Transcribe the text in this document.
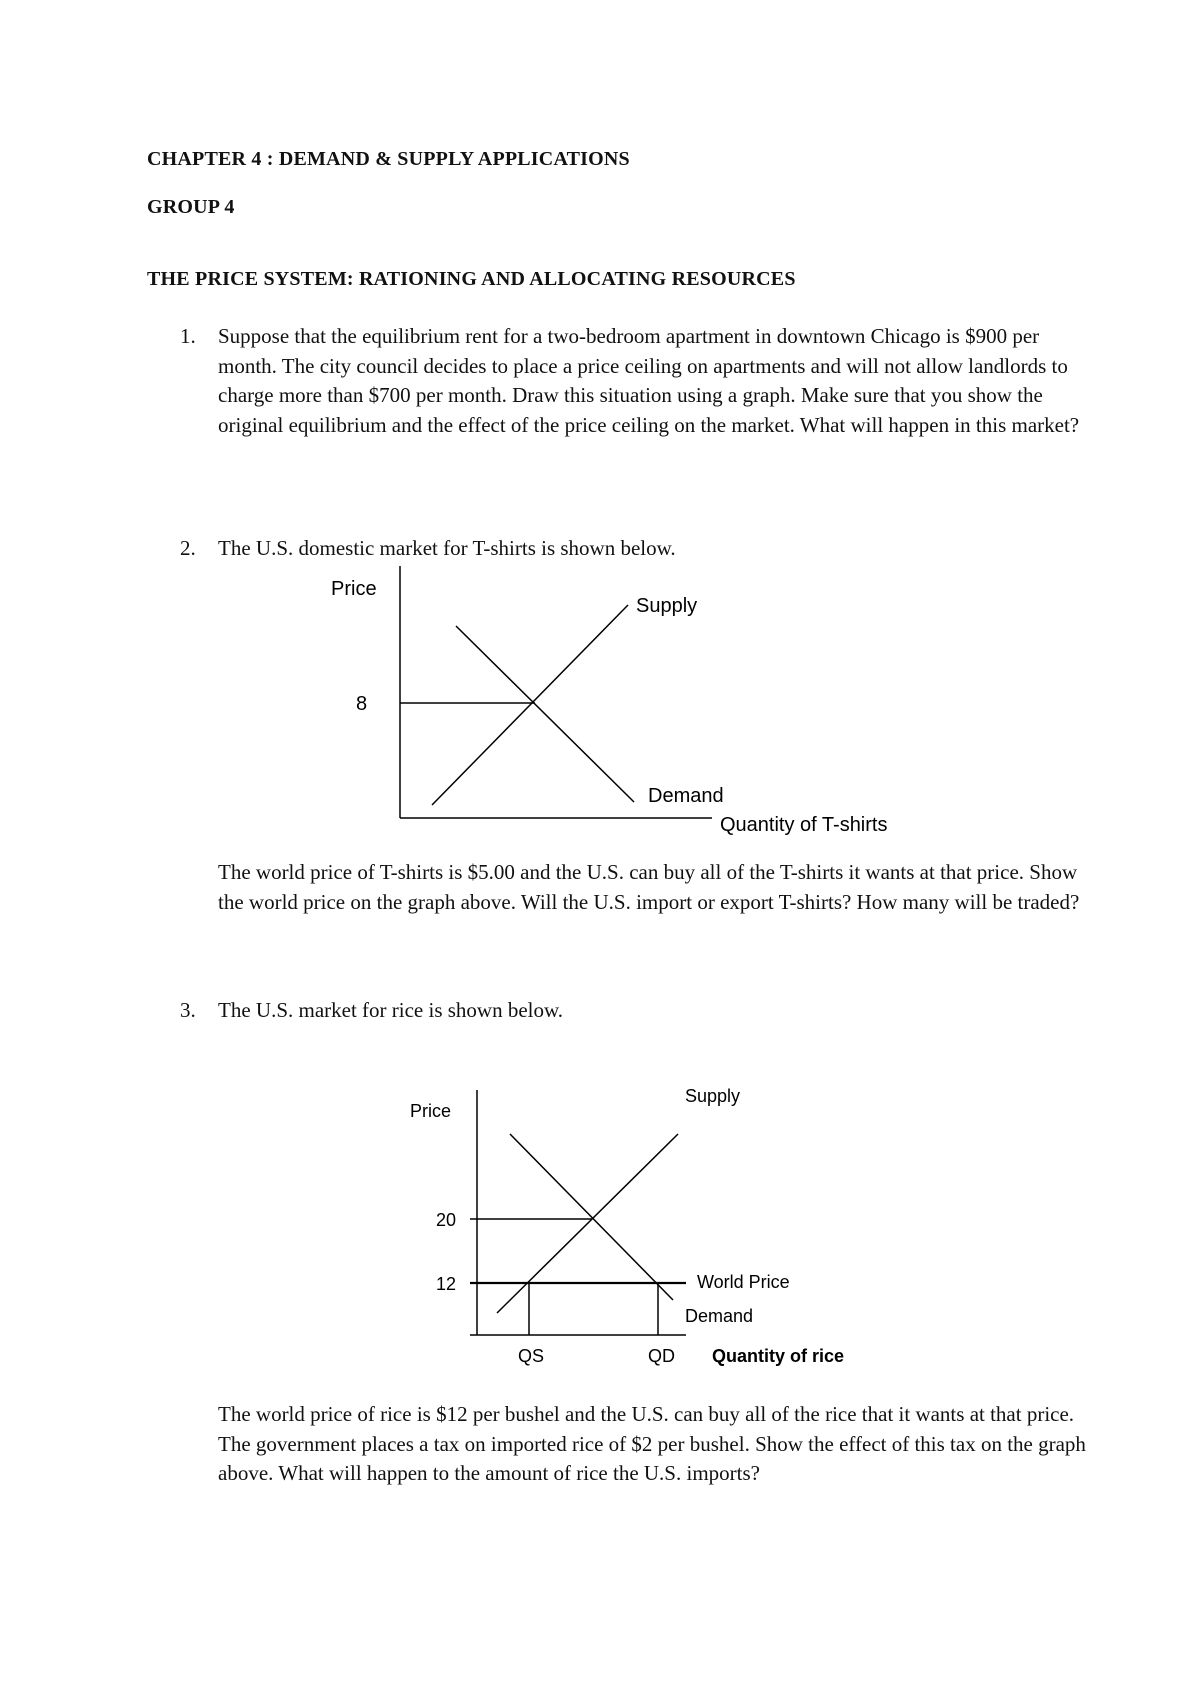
CHAPTER 4 : DEMAND & SUPPLY APPLICATIONS
GROUP 4
THE PRICE SYSTEM: RATIONING AND ALLOCATING RESOURCES
1. Suppose that the equilibrium rent for a two-bedroom apartment in downtown Chicago is $900 per month. The city council decides to place a price ceiling on apartments and will not allow landlords to charge more than $700 per month. Draw this situation using a graph. Make sure that you show the original equilibrium and the effect of the price ceiling on the market. What will happen in this market?
2. The U.S. domestic market for T-shirts is shown below.
Price
8
Supply
Demand
Quantity of T-shirts
The world price of T-shirts is $5.00 and the U.S. can buy all of the T-shirts it wants at that price. Show the world price on the graph above. Will the U.S. import or export T-shirts? How many will be traded?
3. The U.S. market for rice is shown below.
Price
Supply
20
12	World Price
Demand
QS	QD Quantity of rice
The world price of rice is $12 per bushel and the U.S. can buy all of the rice that it wants at that price. The government places a tax on imported rice of $2 per bushel. Show the effect of this tax on the graph above. What will happen to the amount of rice the U.S. imports?
